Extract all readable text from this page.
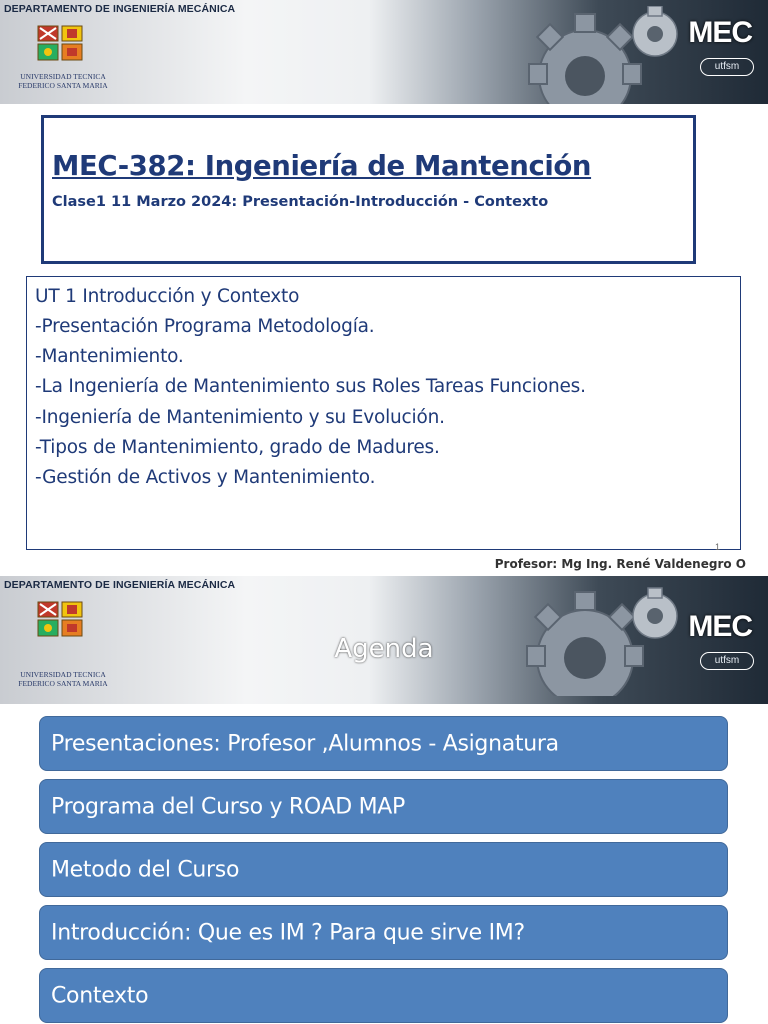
DEPARTAMENTO DE INGENIERÍA MECÁNICA
UNIVERSIDAD TECNICA
FEDERICO SANTA MARIA
MEC
utfsm
MEC-382: Ingeniería de Mantención
Clase1 11 Marzo 2024: Presentación-Introducción - Contexto
UT 1 Introducción y Contexto
-Presentación Programa Metodología.
-Mantenimiento.
-La Ingeniería de Mantenimiento sus Roles Tareas Funciones.
-Ingeniería de Mantenimiento y su Evolución.
-Tipos de Mantenimiento, grado de Madures.
-Gestión de Activos y Mantenimiento.
1
Profesor: Mg Ing. René Valdenegro O
DEPARTAMENTO DE INGENIERÍA MECÁNICA
UNIVERSIDAD TECNICA
FEDERICO SANTA MARIA
MEC
utfsm
Agenda
Presentaciones: Profesor ,Alumnos - Asignatura
Programa del Curso y ROAD MAP
Metodo del Curso
Introducción: Que es IM ? Para que sirve IM?
Contexto
